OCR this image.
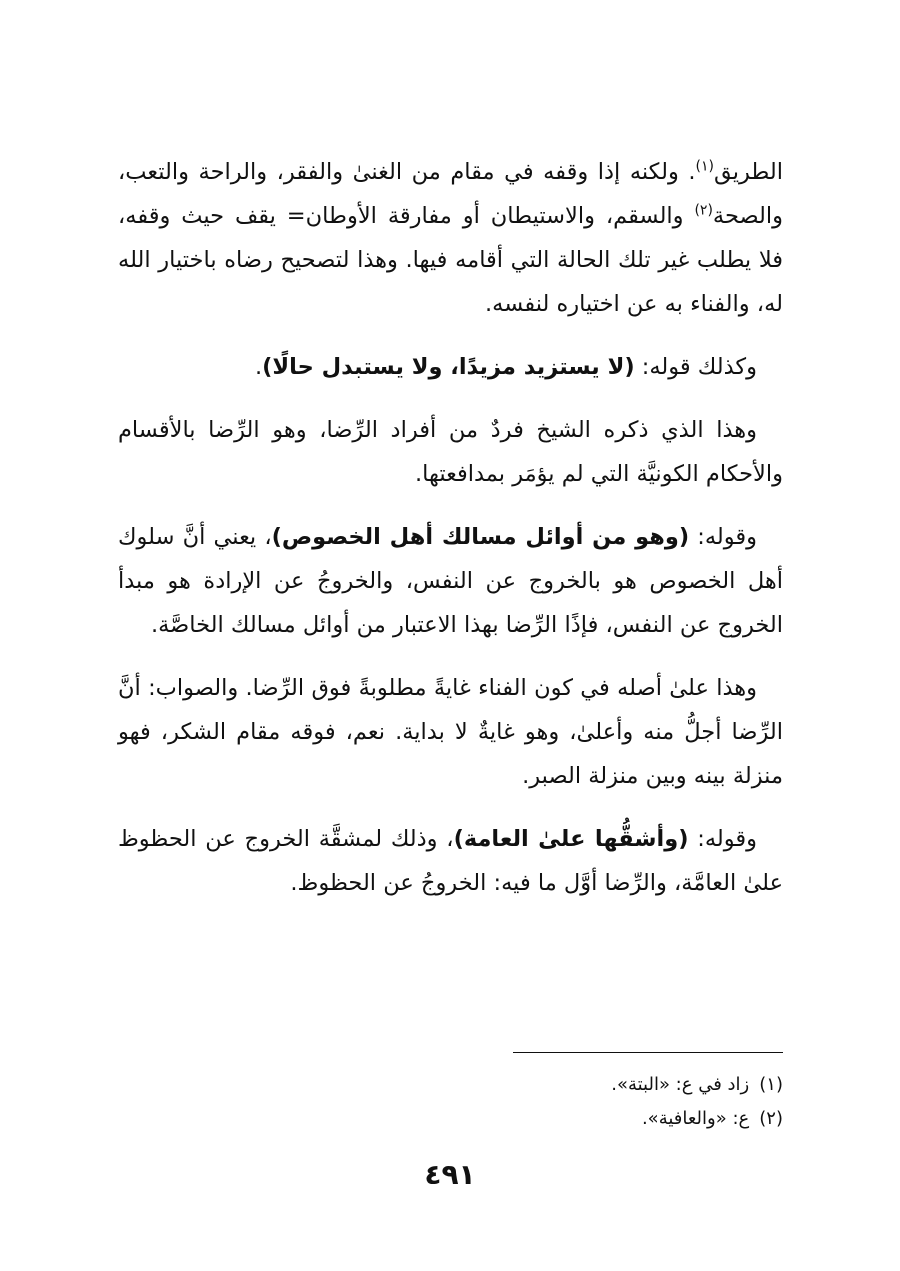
الطريق$^{(١)}$. ولكنه إذا وقفه في مقام من الغنىٰ والفقر، والراحة والتعب، والصحة$^{(٢)}$ والسقم، والاستيطان أو مفارقة الأوطان= يقف حيث وقفه، فلا يطلب غير تلك الحالة التي أقامه فيها. وهذا لتصحيح رضاه باختيار الله له، والفناء به عن اختياره لنفسه.

وكذلك قوله: (لا يستزيد مزيدًا، ولا يستبدل حالًا).

وهذا الذي ذكره الشيخ فردٌ من أفراد الرِّضا، وهو الرِّضا بالأقسام والأحكام الكونيَّة التي لم يؤمَر بمدافعتها.

وقوله: (وهو من أوائل مسالك أهل الخصوص)، يعني أنَّ سلوك أهل الخصوص هو بالخروج عن النفس، والخروجُ عن الإرادة هو مبدأ الخروج عن النفس، فإذًا الرِّضا بهذا الاعتبار من أوائل مسالك الخاصَّة.

وهذا علىٰ أصله في كون الفناء غايةً مطلوبةً فوق الرِّضا. والصواب: أنَّ الرِّضا أجلُّ منه وأعلىٰ، وهو غايةٌ لا بداية. نعم، فوقه مقام الشكر، فهو منزلة بينه وبين منزلة الصبر.

وقوله: (وأشقُّها علىٰ العامة)، وذلك لمشقَّة الخروج عن الحظوظ علىٰ العامَّة، والرِّضا أوَّل ما فيه: الخروجُ عن الحظوظ.

(١)زاد في ع: «البتة».
(٢)ع: «والعافية».
٤٩١
